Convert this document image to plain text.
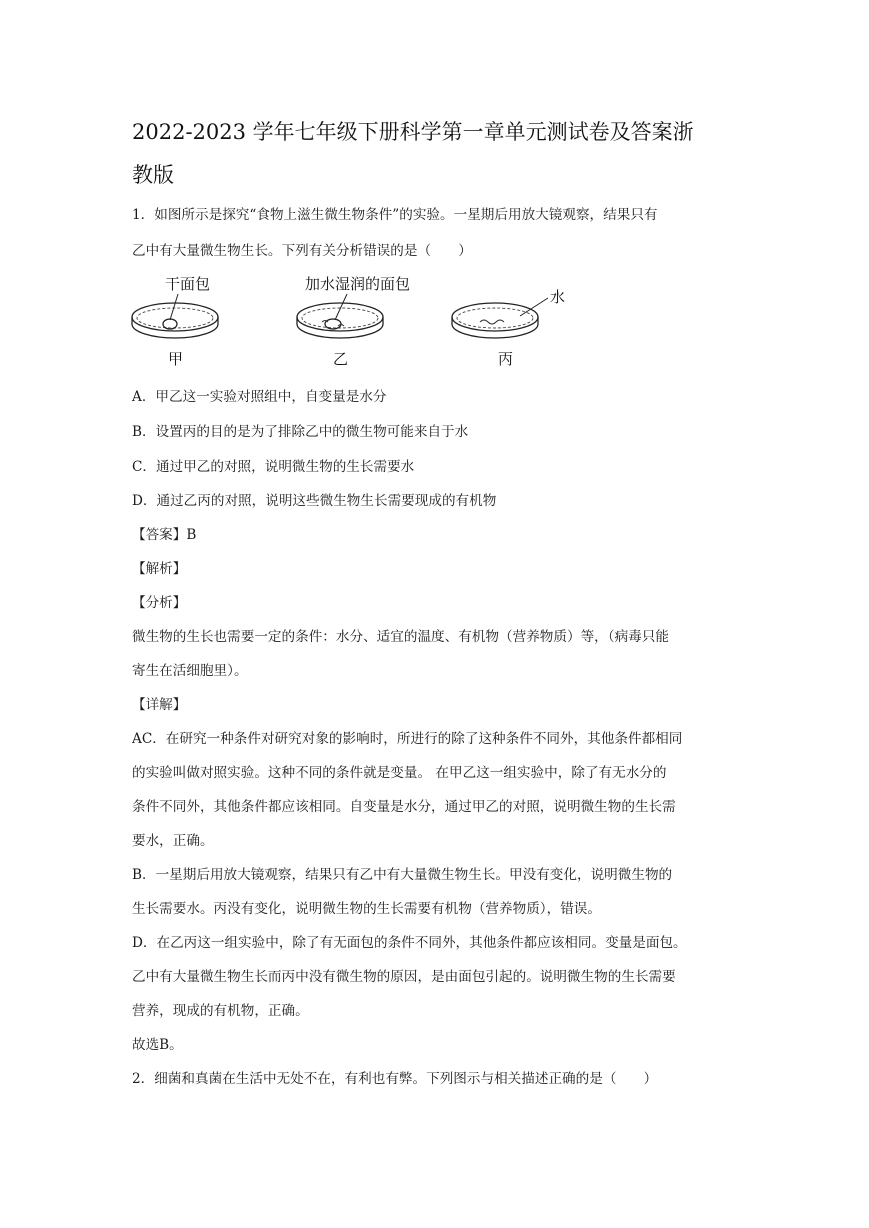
2022-2023 学年七年级下册科学第一章单元测试卷及答案浙
教版
1．如图所示是探究“食物上滋生微生物条件”的实验。一星期后用放大镜观察，结果只有
乙中有大量微生物生长。下列有关分析错误的是（　　）
干面包
甲
加水湿润的面包
乙
水
丙
A．甲乙这一实验对照组中，自变量是水分
B．设置丙的目的是为了排除乙中的微生物可能来自于水
C．通过甲乙的对照，说明微生物的生长需要水
D．通过乙丙的对照，说明这些微生物生长需要现成的有机物
【答案】B
【解析】
【分析】
微生物的生长也需要一定的条件：水分、适宜的温度、有机物（营养物质）等，（病毒只能
寄生在活细胞里）。
【详解】
AC．在研究一种条件对研究对象的影响时，所进行的除了这种条件不同外，其他条件都相同
的实验叫做对照实验。这种不同的条件就是变量。 在甲乙这一组实验中，除了有无水分的
条件不同外，其他条件都应该相同。自变量是水分，通过甲乙的对照，说明微生物的生长需
要水，正确。
B．一星期后用放大镜观察，结果只有乙中有大量微生物生长。甲没有变化，说明微生物的
生长需要水。丙没有变化，说明微生物的生长需要有机物（营养物质），错误。
D．在乙丙这一组实验中，除了有无面包的条件不同外，其他条件都应该相同。变量是面包。
乙中有大量微生物生长而丙中没有微生物的原因，是由面包引起的。说明微生物的生长需要
营养，现成的有机物，正确。
故选B。
2．细菌和真菌在生活中无处不在，有利也有弊。下列图示与相关描述正确的是（　　）
